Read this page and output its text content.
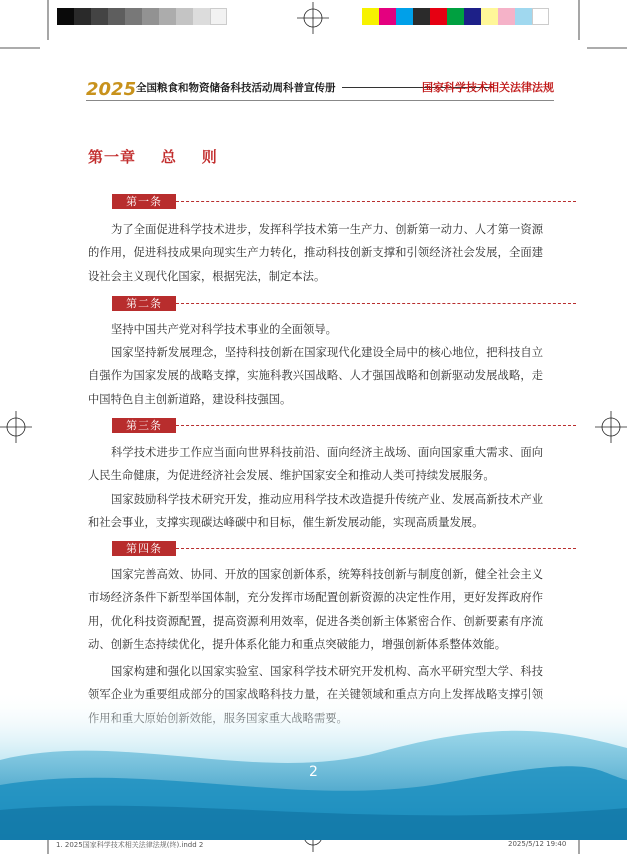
2025 全国粮食和物资储备科技活动周科普宣传册	国家科学技术相关法律法规
第一章    总    则
第一条
为了全面促进科学技术进步，发挥科学技术第一生产力、创新第一动力、人才第一资源的作用，促进科技成果向现实生产力转化，推动科技创新支撑和引领经济社会发展，全面建设社会主义现代化国家，根据宪法，制定本法。
第二条
坚持中国共产党对科学技术事业的全面领导。
国家坚持新发展理念，坚持科技创新在国家现代化建设全局中的核心地位，把科技自立自强作为国家发展的战略支撑，实施科教兴国战略、人才强国战略和创新驱动发展战略，走中国特色自主创新道路，建设科技强国。
第三条
科学技术进步工作应当面向世界科技前沿、面向经济主战场、面向国家重大需求、面向人民生命健康，为促进经济社会发展、维护国家安全和推动人类可持续发展服务。
国家鼓励科学技术研究开发，推动应用科学技术改造提升传统产业、发展高新技术产业和社会事业，支撑实现碳达峰碳中和目标，催生新发展动能，实现高质量发展。
第四条
国家完善高效、协同、开放的国家创新体系，统筹科技创新与制度创新，健全社会主义市场经济条件下新型举国体制，充分发挥市场配置创新资源的决定性作用，更好发挥政府作用，优化科技资源配置，提高资源利用效率，促进各类创新主体紧密合作、创新要素有序流动、创新生态持续优化，提升体系化能力和重点突破能力，增强创新体系整体效能。
国家构建和强化以国家实验室、国家科学技术研究开发机构、高水平研究型大学、科技
2
1. 2025国家科学技术相关法律法规(终).indd 2	2025/5/12 19:40
